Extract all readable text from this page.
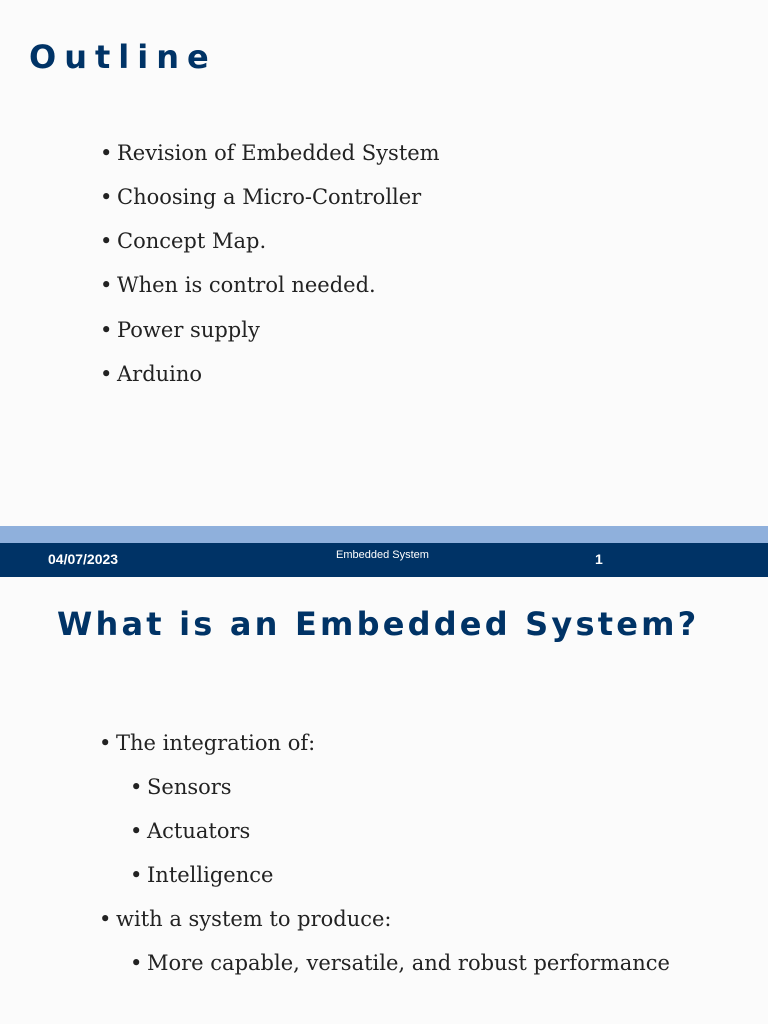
Outline
• Revision of Embedded System
• Choosing a Micro-Controller
• Concept Map.
• When is control needed.
• Power supply
• Arduino
04/07/2023	Embedded System	1
What is an Embedded System?
• The integration of:
• Sensors
• Actuators
• Intelligence
• with a system to produce:
• More capable, versatile, and robust performance
